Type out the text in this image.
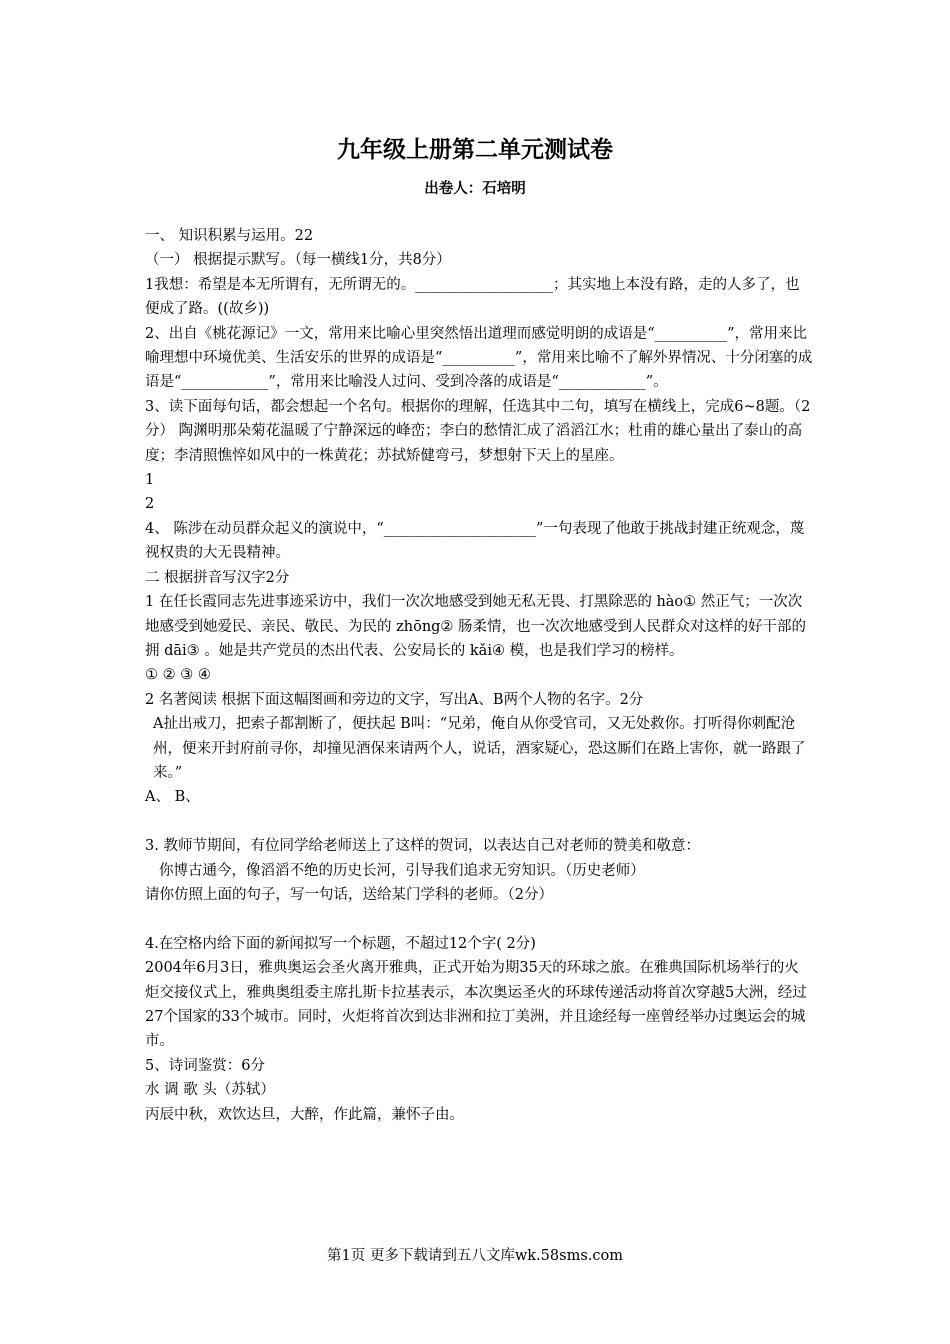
九年级上册第二单元测试卷
出卷人：石培明

一、 知识积累与运用。22

（一） 根据提示默写。（每一横线1分，共8分）

1我想：希望是本无所谓有，无所谓无的。___________________；其实地上本没有路，走的人多了，也便成了路。((故乡))

2、出自《桃花源记》一文，常用来比喻心里突然悟出道理而感觉明朗的成语是“__________”，常用来比喻理想中环境优美、生活安乐的世界的成语是“__________”，常用来比喻不了解外界情况、十分闭塞的成语是“____________”，常用来比喻没人过问、受到冷落的成语是“____________”。

3、读下面每句话，都会想起一个名句。根据你的理解，任选其中二句，填写在横线上，完成6~8题。（2分） 陶渊明那朵菊花温暖了宁静深远的峰峦；李白的愁情汇成了滔滔江水；杜甫的雄心量出了泰山的高度；李清照憔悴如风中的一株黄花；苏拭矫健弯弓，梦想射下天上的星座。

1

2

4、 陈涉在动员群众起义的演说中，“_____________________”一句表现了他敢于挑战封建正统观念，蔑视权贵的大无畏精神。

二 根据拼音写汉字2分

1 在任长霞同志先进事迹采访中，我们一次次地感受到她无私无畏、打黑除恶的 hào① 然正气；一次次地感受到她爱民、亲民、敬民、为民的 zhōng② 肠柔情，也一次次地感受到人民群众对这样的好干部的拥 dāi③ 。她是共产党员的杰出代表、公安局长的 kǎi④ 模，也是我们学习的榜样。

① ② ③ ④

2 名著阅读 根据下面这幅图画和旁边的文字，写出A、B两个人物的名字。2分

A扯出戒刀，把索子都割断了，便扶起 B叫：“兄弟，俺自从你受官司，又无处救你。打听得你刺配沧州，便来开封府前寻你，却撞见酒保来请两个人，说话，酒家疑心，恐这厮们在路上害你，就一路跟了来。”

A、 B、

3. 教师节期间，有位同学给老师送上了这样的贺词，以表达自己对老师的赞美和敬意：

你博古通今，像滔滔不绝的历史长河，引导我们追求无穷知识。（历史老师）

请你仿照上面的句子，写一句话，送给某门学科的老师。（2分）

4.在空格内给下面的新闻拟写一个标题，不超过12个字( 2分)

2004年6月3日，雅典奥运会圣火离开雅典，正式开始为期35天的环球之旅。在雅典国际机场举行的火炬交接仪式上，雅典奥组委主席扎斯卡拉基表示，本次奥运圣火的环球传递活动将首次穿越5大洲，经过27个国家的33个城市。同时，火炬将首次到达非洲和拉丁美洲，并且途经每一座曾经举办过奥运会的城市。

5、诗词鉴赏：6分

水 调 歌 头（苏轼）

丙辰中秋，欢饮达旦，大醉，作此篇，兼怀子由。

第1页 更多下载请到五八文库wk.58sms.com
